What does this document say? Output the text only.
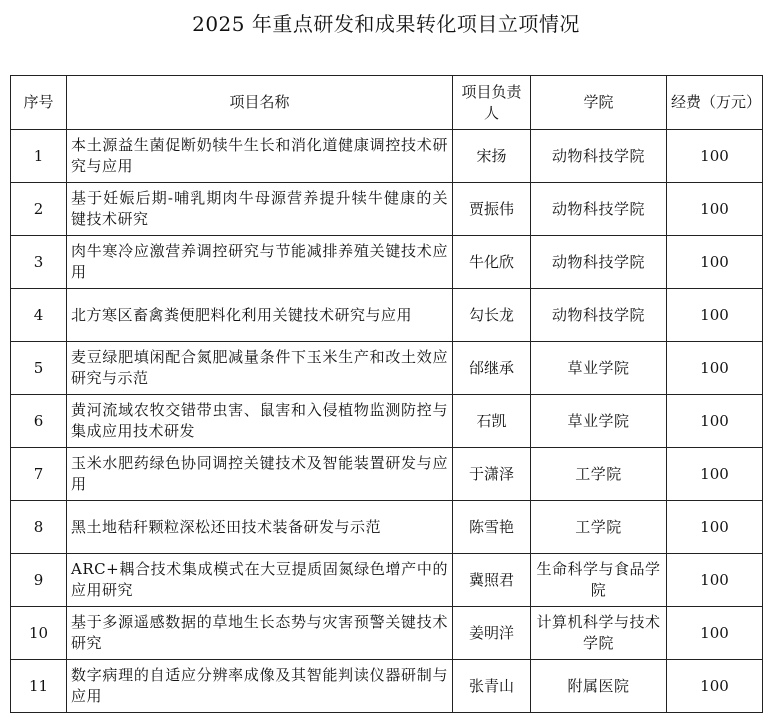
2025 年重点研发和成果转化项目立项情况
序号	项目名称	项目负责人	学院	经费（万元）
1	本土源益生菌促断奶犊牛生长和消化道健康调控技术研究与应用	宋扬	动物科技学院	100
2	基于妊娠后期-哺乳期肉牛母源营养提升犊牛健康的关键技术研究	贾振伟	动物科技学院	100
3	肉牛寒冷应激营养调控研究与节能减排养殖关键技术应用	牛化欣	动物科技学院	100
4	北方寒区畜禽粪便肥料化利用关键技术研究与应用	勾长龙	动物科技学院	100
5	麦豆绿肥填闲配合氮肥减量条件下玉米生产和改土效应研究与示范	邰继承	草业学院	100
6	黄河流域农牧交错带虫害、鼠害和入侵植物监测防控与集成应用技术研发	石凯	草业学院	100
7	玉米水肥药绿色协同调控关键技术及智能装置研发与应用	于潇泽	工学院	100
8	黑土地秸秆颗粒深松还田技术装备研发与示范	陈雪艳	工学院	100
9	ARC+耦合技术集成模式在大豆提质固氮绿色增产中的应用研究	冀照君	生命科学与食品学院	100
10	基于多源遥感数据的草地生长态势与灾害预警关键技术研究	姜明洋	计算机科学与技术学院	100
11	数字病理的自适应分辨率成像及其智能判读仪器研制与应用	张青山	附属医院	100
